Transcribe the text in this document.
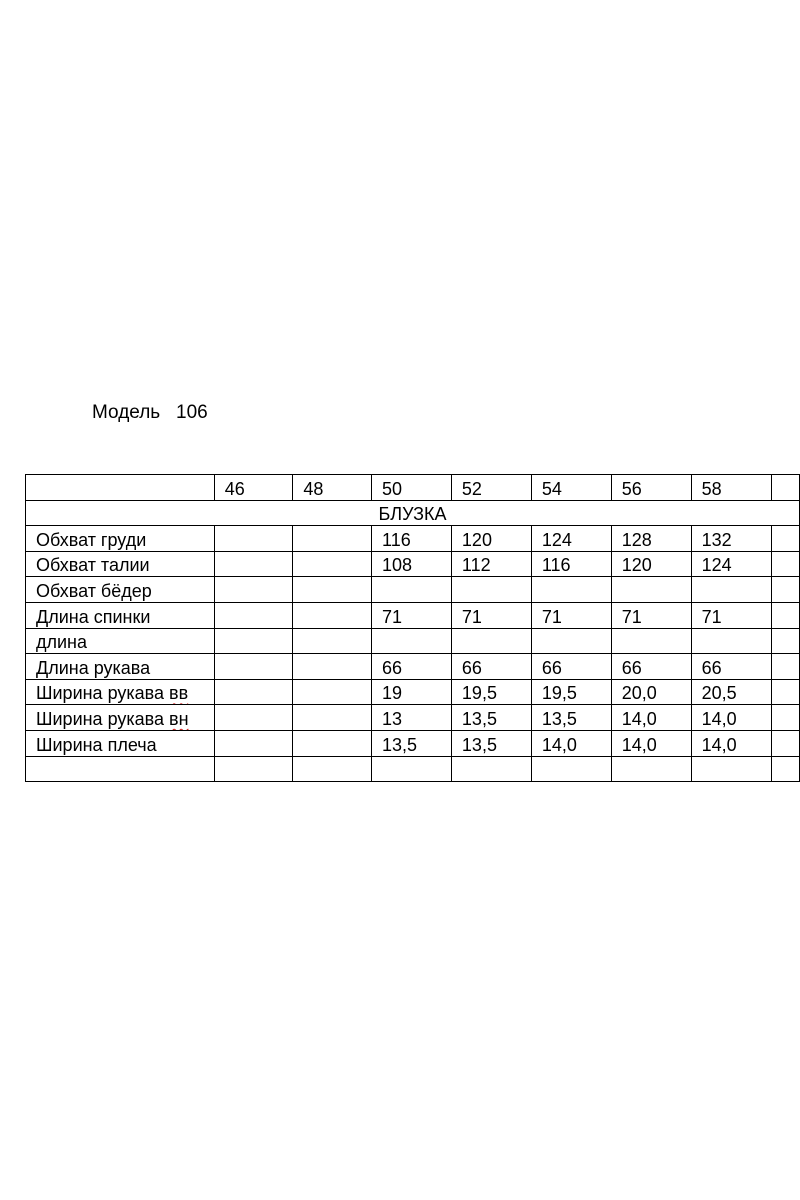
Модель 106
	46	48	50	52	54	56	58	
БЛУЗКА								
Обхват груди			116	120	124	128	132	
Обхват талии			108	112	116	120	124	
Обхват бёдер								
Длина спинки			71	71	71	71	71	
длина								
Длина рукава			66	66	66	66	66	
Ширина рукава вв			19	19,5	19,5	20,0	20,5	
Ширина рукава вн			13	13,5	13,5	14,0	14,0	
Ширина плеча			13,5	13,5	14,0	14,0	14,0	
